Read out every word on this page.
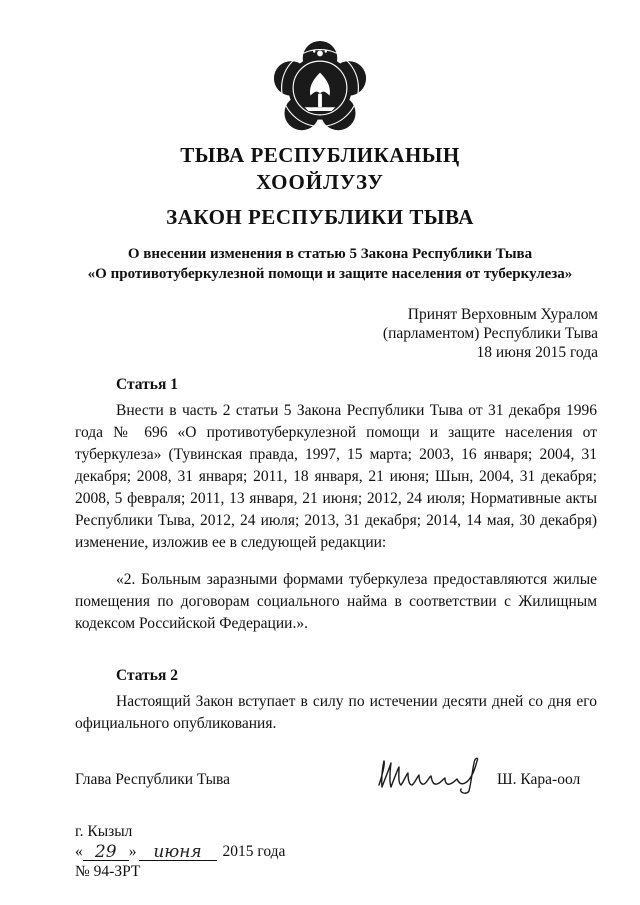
ТЫВА РЕСПУБЛИКАНЫҢ
ХООЙЛУЗУ
ЗАКОН РЕСПУБЛИКИ ТЫВА
О внесении изменения в статью 5 Закона Республики Тыва
«О противотуберкулезной помощи и защите населения от туберкулеза»
Принят Верховным Хуралом
(парламентом) Республики Тыва
18 июня 2015 года
Статья 1
Внести в часть 2 статьи 5 Закона Республики Тыва от 31 декабря 1996 года № 696 «О противотуберкулезной помощи и защите населения от туберкулеза» (Тувинская правда, 1997, 15 марта; 2003, 16 января; 2004, 31 декабря; 2008, 31 января; 2011, 18 января, 21 июня; Шын, 2004, 31 декабря; 2008, 5 февраля; 2011, 13 января, 21 июня; 2012, 24 июля; Нормативные акты Республики Тыва, 2012, 24 июля; 2013, 31 декабря; 2014, 14 мая, 30 декабря) изменение, изложив ее в следующей редакции:
«2. Больным заразными формами туберкулеза предоставляются жилые помещения по договорам социального найма в соответствии с Жилищным кодексом Российской Федерации.».
Статья 2
Настоящий Закон вступает в силу по истечении десяти дней со дня его официального опубликования.
Глава Республики Тыва	Ш. Кара-оол
г. Кызыл
« 29 » июня	2015 года
№ 94-ЗРТ
